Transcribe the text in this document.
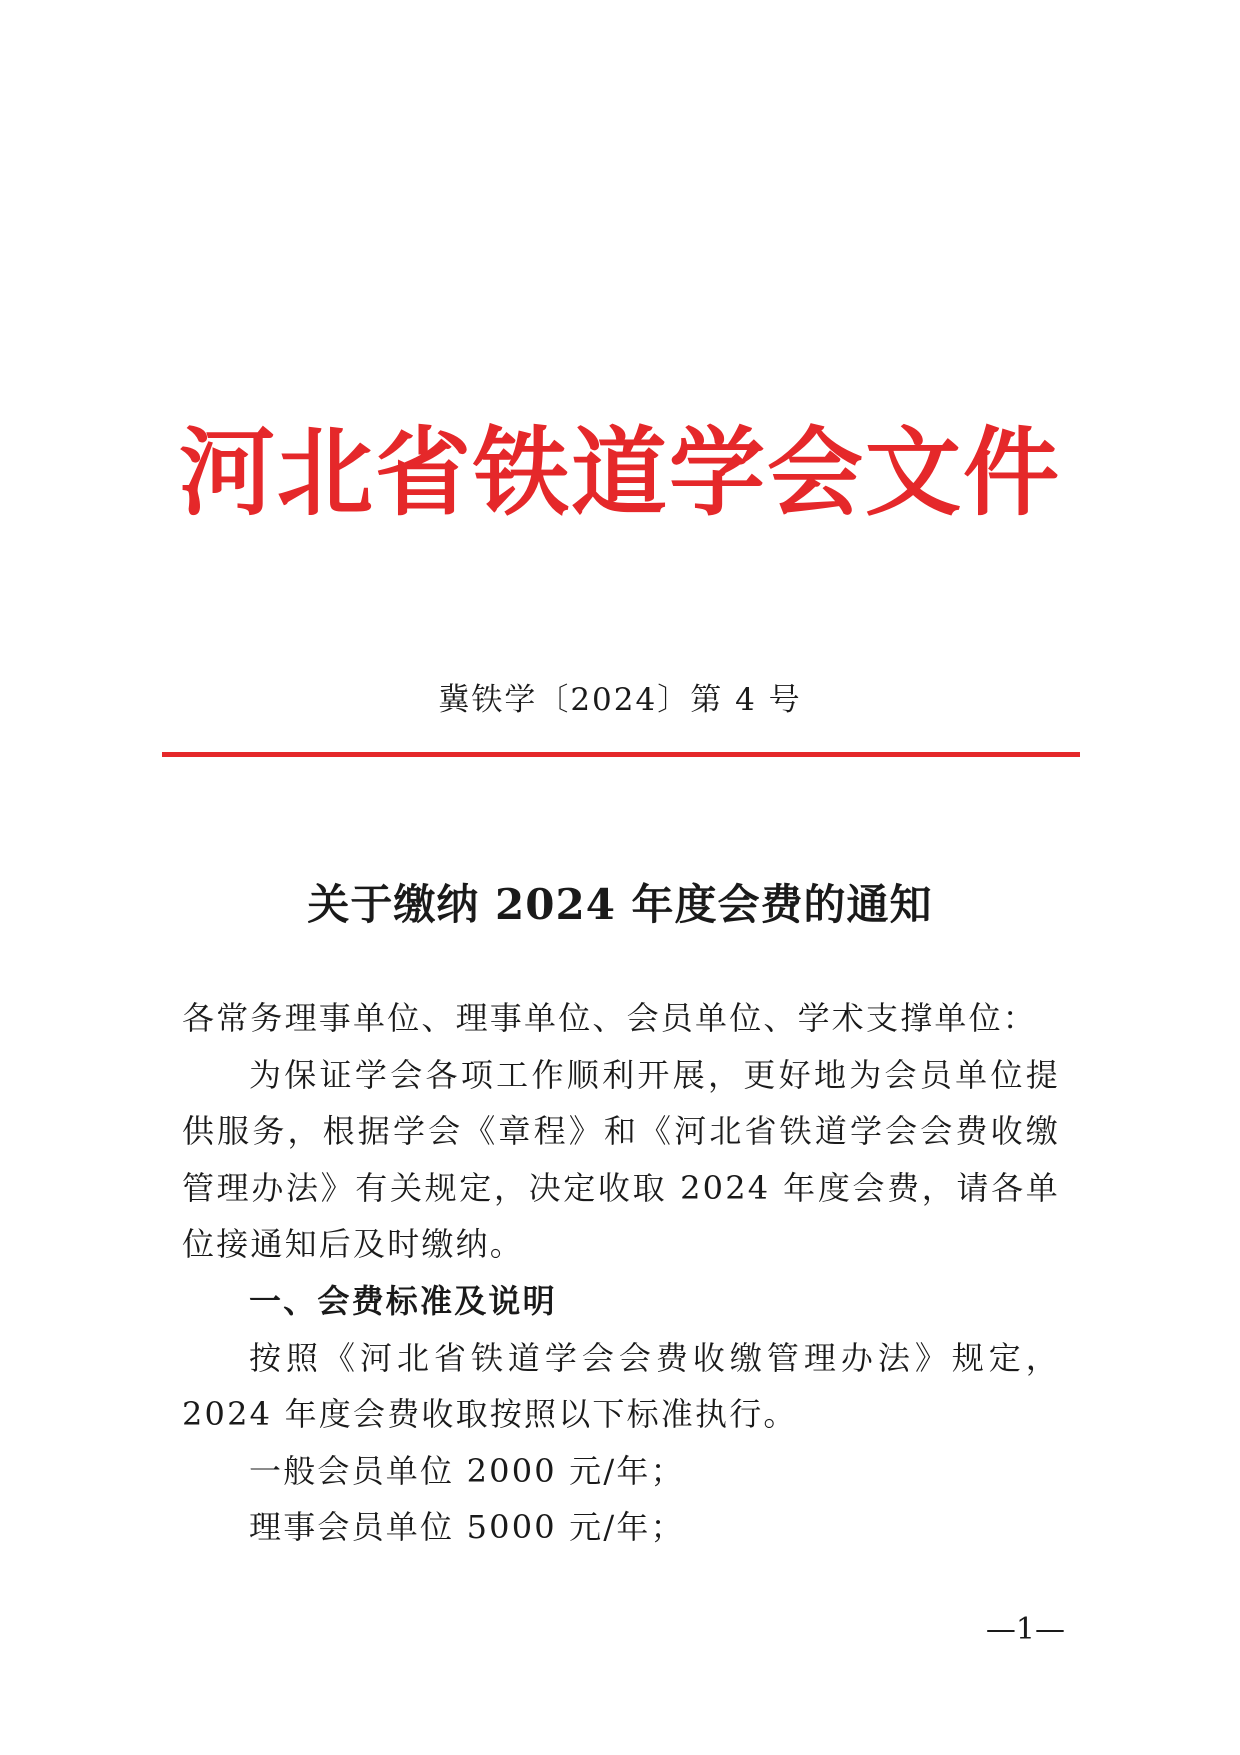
河北省铁道学会文件
冀铁学〔2024〕第 4 号
关于缴纳 2024 年度会费的通知

各常务理事单位、理事单位、会员单位、学术支撑单位：

为保证学会各项工作顺利开展，更好地为会员单位提供服务，根据学会《章程》和《河北省铁道学会会费收缴管理办法》有关规定，决定收取 2024 年度会费，请各单位接通知后及时缴纳。

一、会费标准及说明

按照《河北省铁道学会会费收缴管理办法》规定，2024 年度会费收取按照以下标准执行。

一般会员单位 2000 元/年；

理事会员单位 5000 元/年；

—1—
